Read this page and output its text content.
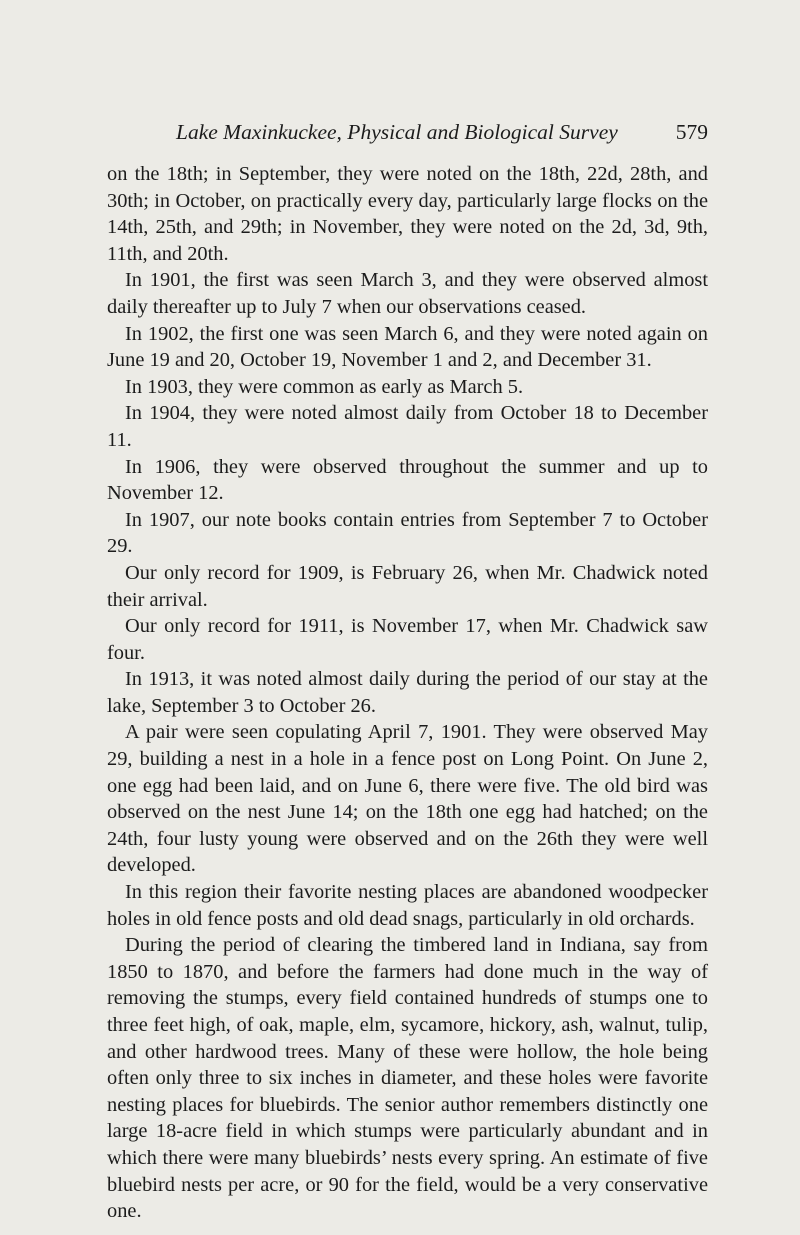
Lake Maxinkuckee, Physical and Biological Survey	579

on the 18th; in September, they were noted on the 18th, 22d, 28th, and 30th; in October, on practically every day, particularly large flocks on the 14th, 25th, and 29th; in November, they were noted on the 2d, 3d, 9th, 11th, and 20th.

In 1901, the first was seen March 3, and they were observed almost daily thereafter up to July 7 when our observations ceased.

In 1902, the first one was seen March 6, and they were noted again on June 19 and 20, October 19, November 1 and 2, and December 31.

In 1903, they were common as early as March 5.

In 1904, they were noted almost daily from October 18 to December 11.

In 1906, they were observed throughout the summer and up to November 12.

In 1907, our note books contain entries from September 7 to October 29.

Our only record for 1909, is February 26, when Mr. Chadwick noted their arrival.

Our only record for 1911, is November 17, when Mr. Chadwick saw four.

In 1913, it was noted almost daily during the period of our stay at the lake, September 3 to October 26.

A pair were seen copulating April 7, 1901. They were observed May 29, building a nest in a hole in a fence post on Long Point. On June 2, one egg had been laid, and on June 6, there were five. The old bird was observed on the nest June 14; on the 18th one egg had hatched; on the 24th, four lusty young were observed and on the 26th they were well developed.

In this region their favorite nesting places are abandoned woodpecker holes in old fence posts and old dead snags, particularly in old orchards.

During the period of clearing the timbered land in Indiana, say from 1850 to 1870, and before the farmers had done much in the way of removing the stumps, every field contained hundreds of stumps one to three feet high, of oak, maple, elm, sycamore, hickory, ash, walnut, tulip, and other hardwood trees. Many of these were hollow, the hole being often only three to six inches in diameter, and these holes were favorite nesting places for bluebirds. The senior author remembers distinctly one large 18-acre field in which stumps were particularly abundant and in which there were many bluebirds’ nests every spring. An estimate of five bluebird nests per acre, or 90 for the field, would be a very conservative one.
